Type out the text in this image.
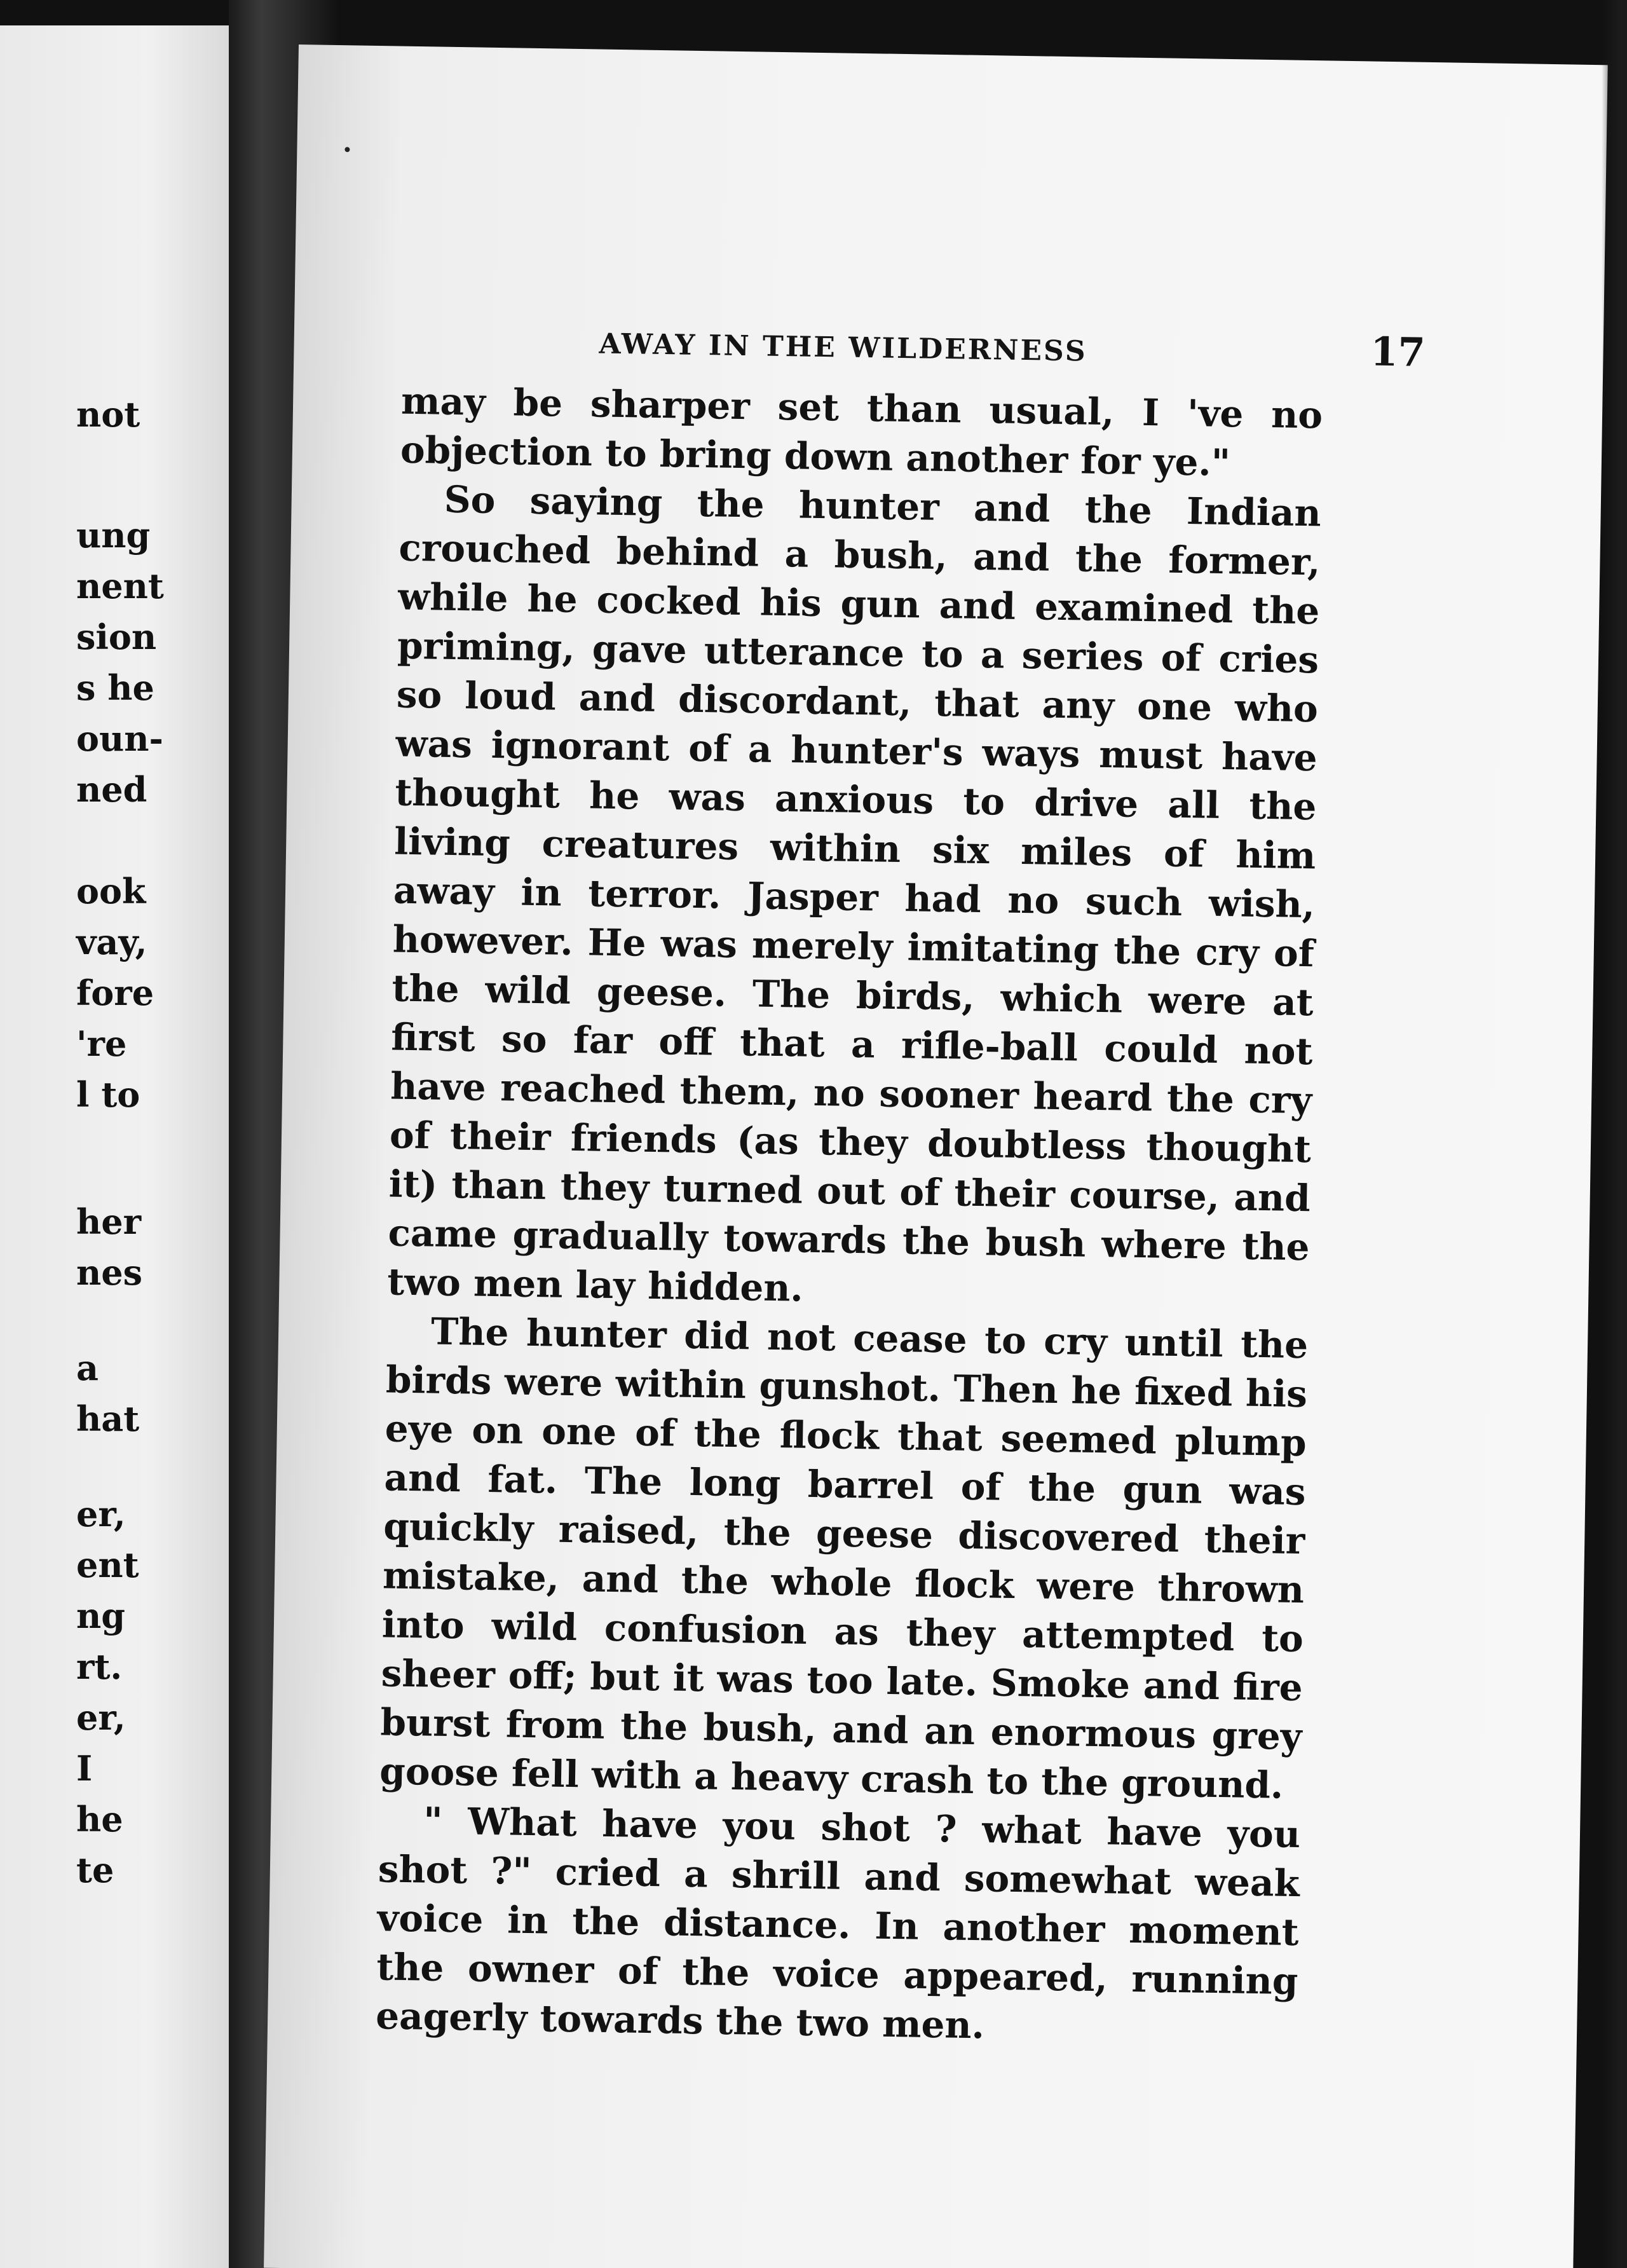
not
ung
nent
sion
s he
oun-
ned
ook
vay,
fore
're
l to
her
nes
a
hat
er,
ent
ng
rt.
er,
I
he
te
AWAY IN THE WILDERNESS	17

may be sharper set than usual, I 've no objection to bring down another for ye."

So saying the hunter and the Indian crouched behind a bush, and the former, while he cocked his gun and examined the priming, gave utterance to a series of cries so loud and discordant, that any one who was ignorant of a hunter's ways must have thought he was anxious to drive all the living creatures within six miles of him away in terror. Jasper had no such wish, however. He was merely imitating the cry of the wild geese. The birds, which were at first so far off that a rifle-ball could not have reached them, no sooner heard the cry of their friends (as they doubtless thought it) than they turned out of their course, and came gradually towards the bush where the two men lay hidden.

The hunter did not cease to cry until the birds were within gunshot. Then he fixed his eye on one of the flock that seemed plump and fat. The long barrel of the gun was quickly raised, the geese discovered their mistake, and the whole flock were thrown into wild confusion as they attempted to sheer off; but it was too late. Smoke and fire burst from the bush, and an enormous grey goose fell with a heavy crash to the ground.

" What have you shot ? what have you shot ?" cried a shrill and somewhat weak voice in the distance. In another moment the owner of the voice appeared, running eagerly towards the two men.
